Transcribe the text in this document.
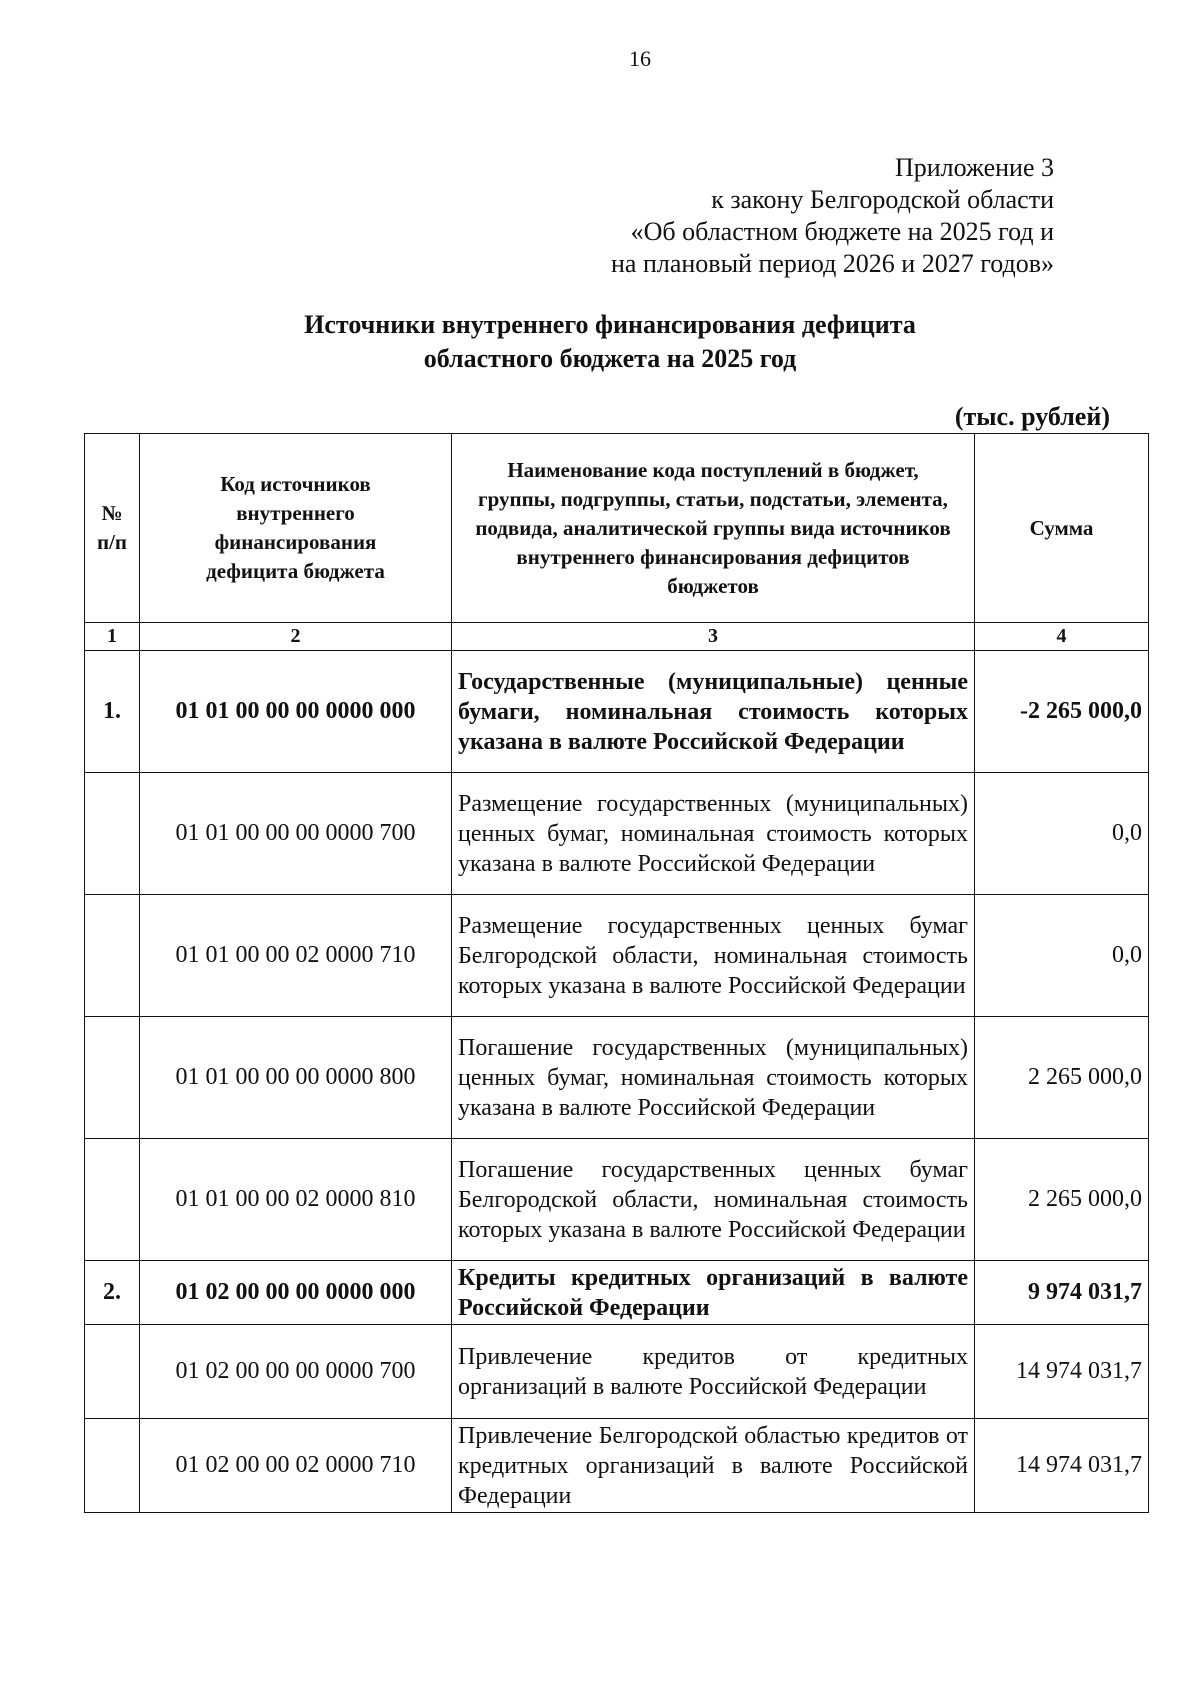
16
Приложение 3
к закону Белгородской области
«Об областном бюджете на 2025 год и
на плановый период 2026 и 2027 годов»
Источники внутреннего финансирования дефицита
областного бюджета на 2025 год
(тыс. рублей)
№ п/п	Код источников внутреннего финансирования дефицита бюджета	Наименование кода поступлений в бюджет, группы, подгруппы, статьи, подстатьи, элемента, подвида, аналитической группы вида источников внутреннего финансирования дефицитов бюджетов	Сумма
1	2	3	4
1.	01 01 00 00 00 0000 000	Государственные (муниципальные) ценные бумаги, номинальная стоимость которых указана в валюте Российской Федерации	-2 265 000,0
	01 01 00 00 00 0000 700	Размещение государственных (муниципальных) ценных бумаг, номинальная стоимость которых указана в валюте Российской Федерации	0,0
	01 01 00 00 02 0000 710	Размещение государственных ценных бумаг Белгородской области, номинальная стоимость которых указана в валюте Российской Федерации	0,0
	01 01 00 00 00 0000 800	Погашение государственных (муниципальных) ценных бумаг, номинальная стоимость которых указана в валюте Российской Федерации	2 265 000,0
	01 01 00 00 02 0000 810	Погашение государственных ценных бумаг Белгородской области, номинальная стоимость которых указана в валюте Российской Федерации	2 265 000,0
2.	01 02 00 00 00 0000 000	Кредиты кредитных организаций в валюте Российской Федерации	9 974 031,7
	01 02 00 00 00 0000 700	Привлечение кредитов от кредитных организаций в валюте Российской Федерации	14 974 031,7
	01 02 00 00 02 0000 710	Привлечение Белгородской областью кредитов от кредитных организаций в валюте Российской Федерации	14 974 031,7
